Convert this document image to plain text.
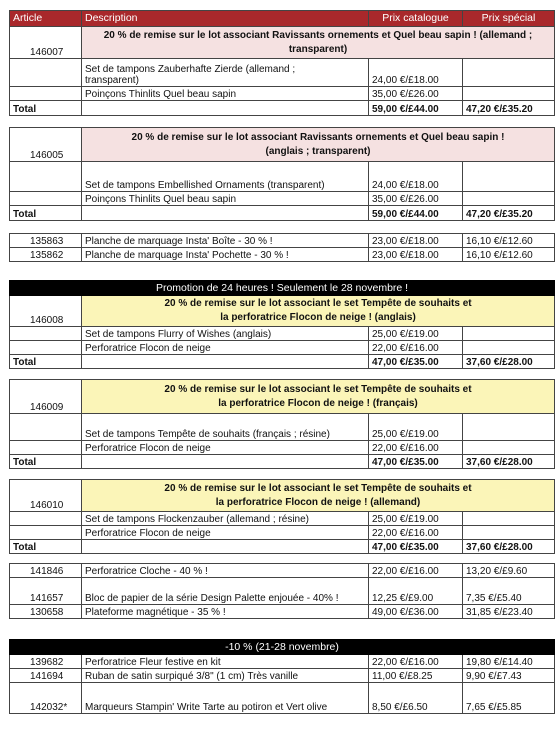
Article	Description	Prix catalogue	Prix spécial
146007	20 % de remise sur le lot associant Ravissants ornements et Quel beau sapin ! (allemand ;
transparent)		

	Set de tampons Zauberhafte Zierde (allemand ;
transparent)	24,00 €/£18.00	
	Poinçons Thinlits Quel beau sapin	35,00 €/£26.00	
Total		59,00 €/£44.00	47,20 €/£35.20
146005	20 % de remise sur le lot associant Ravissants ornements et Quel beau sapin !
(anglais ; transparent)		

	Set de tampons Embellished Ornaments (transparent)	24,00 €/£18.00	
	Poinçons Thinlits Quel beau sapin	35,00 €/£26.00	
Total		59,00 €/£44.00	47,20 €/£35.20
135863	Planche de marquage Insta' Boîte - 30 % !	23,00 €/£18.00	16,10 €/£12.60
135862	Planche de marquage Insta' Pochette - 30 % !	23,00 €/£18.00	16,10 €/£12.60
Promotion de 24 heures ! Seulement le 28 novembre !			
146008	20 % de remise sur le lot associant le set Tempête de souhaits et
la perforatrice Flocon de neige ! (anglais)		

	Set de tampons Flurry of Wishes (anglais)	25,00 €/£19.00	
	Perforatrice Flocon de neige	22,00 €/£16.00	
Total		47,00 €/£35.00	37,60 €/£28.00
146009	20 % de remise sur le lot associant le set Tempête de souhaits et
la perforatrice Flocon de neige ! (français)		

	Set de tampons Tempête de souhaits (français ; résine)	25,00 €/£19.00	
	Perforatrice Flocon de neige	22,00 €/£16.00	
Total		47,00 €/£35.00	37,60 €/£28.00
146010	20 % de remise sur le lot associant le set Tempête de souhaits et
la perforatrice Flocon de neige ! (allemand)		

	Set de tampons Flockenzauber (allemand ; résine)	25,00 €/£19.00	
	Perforatrice Flocon de neige	22,00 €/£16.00	
Total		47,00 €/£35.00	37,60 €/£28.00
141846	Perforatrice Cloche - 40 % !	22,00 €/£16.00	13,20 €/£9.60
141657	Bloc de papier de la série Design Palette enjouée - 40% !	12,25 €/£9.00	7,35 €/£5.40
130658	Plateforme magnétique - 35 % !	49,00 €/£36.00	31,85 €/£23.40
-10 % (21-28 novembre)			
139682	Perforatrice Fleur festive en kit	22,00 €/£16.00	19,80 €/£14.40
141694	Ruban de satin surpiqué 3/8" (1 cm) Très vanille	11,00 €/£8.25	9,90 €/£7.43
142032*	Marqueurs Stampin' Write Tarte au potiron et Vert olive	8,50 €/£6.50	7,65 €/£5.85
